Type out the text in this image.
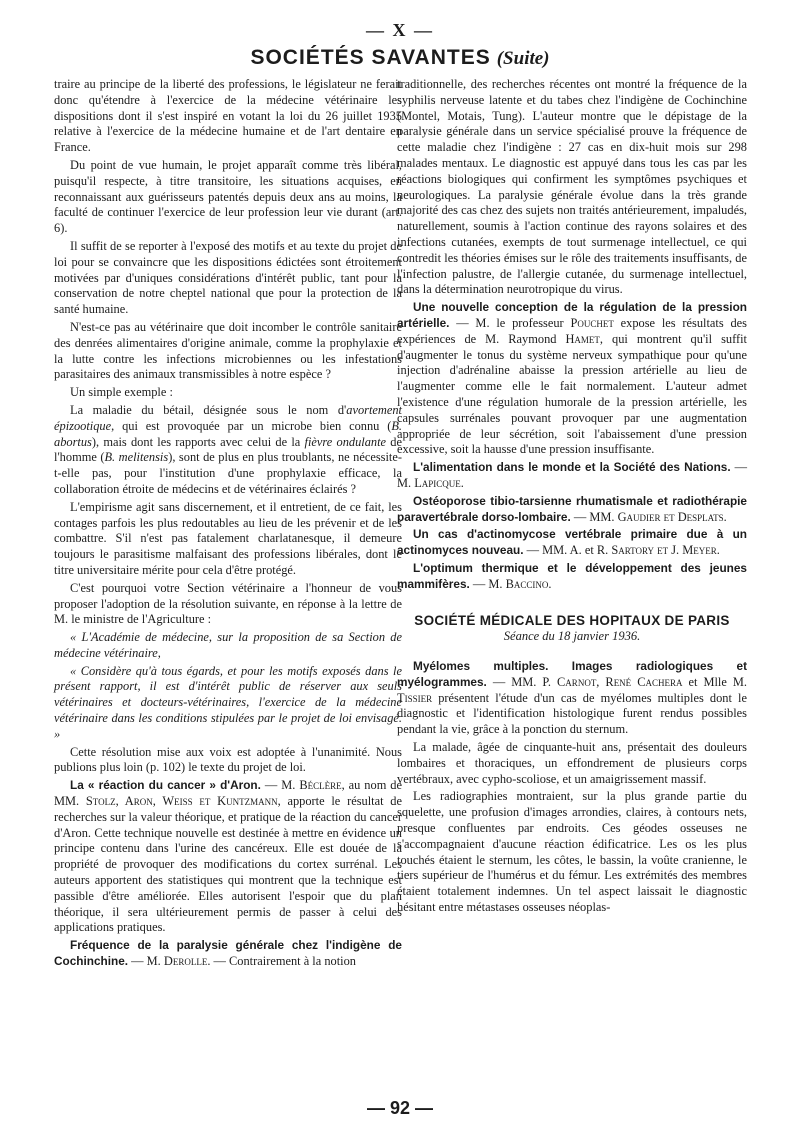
— X —
SOCIÉTÉS SAVANTES (Suite)

traire au principe de la liberté des professions, le législateur ne ferait donc qu'étendre à l'exercice de la médecine vétérinaire les dispositions dont il s'est inspiré en votant la loi du 26 juillet 1935 relative à l'exercice de la médecine humaine et de l'art dentaire en France.

Du point de vue humain, le projet apparaît comme très libéral, puisqu'il respecte, à titre transitoire, les situations acquises, en reconnaissant aux guérisseurs patentés depuis deux ans au moins, la faculté de continuer l'exercice de leur profession leur vie durant (art. 6).

Il suffit de se reporter à l'exposé des motifs et au texte du projet de loi pour se convaincre que les dispositions édictées sont étroitement motivées par d'uniques considérations d'intérêt public, tant pour la conservation de notre cheptel national que pour la protection de la santé humaine.

N'est-ce pas au vétérinaire que doit incomber le contrôle sanitaire des denrées alimentaires d'origine animale, comme la prophylaxie et la lutte contre les infections microbiennes ou les infestations parasitaires des animaux transmissibles à notre espèce ?

Un simple exemple :

La maladie du bétail, désignée sous le nom d'avortement épizootique, qui est provoquée par un microbe bien connu (B. abortus), mais dont les rapports avec celui de la fièvre ondulante de l'homme (B. melitensis), sont de plus en plus troublants, ne nécessite-t-elle pas, pour l'institution d'une prophylaxie efficace, la collaboration étroite de médecins et de vétérinaires éclairés ?

L'empirisme agit sans discernement, et il entretient, de ce fait, les contages parfois les plus redoutables au lieu de les prévenir et de les combattre. S'il n'est pas fatalement charlatanesque, il demeure toujours le parasitisme malfaisant des professions libérales, dont le titre universitaire mérite pour cela d'être protégé.

C'est pourquoi votre Section vétérinaire a l'honneur de vous proposer l'adoption de la résolution suivante, en réponse à la lettre de M. le ministre de l'Agriculture :

« L'Académie de médecine, sur la proposition de sa Section de médecine vétérinaire,

« Considère qu'à tous égards, et pour les motifs exposés dans le présent rapport, il est d'intérêt public de réserver aux seuls vétérinaires et docteurs-vétérinaires, l'exercice de la médecine vétérinaire dans les conditions stipulées par le projet de loi envisagé. »

Cette résolution mise aux voix est adoptée à l'unanimité. Nous publions plus loin (p. 102) le texte du projet de loi.

La « réaction du cancer » d'Aron. — M. Béclère, au nom de MM. Stolz, Aron, Weiss et Kuntzmann, apporte le résultat de recherches sur la valeur théorique, et pratique de la réaction du cancer d'Aron. Cette technique nouvelle est destinée à mettre en évidence un principe contenu dans l'urine des cancéreux. Elle est douée de la propriété de provoquer des modifications du cortex surrénal. Les auteurs apportent des statistiques qui montrent que la technique est passible d'être améliorée. Elles autorisent l'espoir que du plan théorique, il sera ultérieurement permis de passer à celui des applications pratiques.

Fréquence de la paralysie générale chez l'indigène de Cochinchine. — M. Derolle. — Contrairement à la notion

traditionnelle, des recherches récentes ont montré la fréquence de la syphilis nerveuse latente et du tabes chez l'indigène de Cochinchine (Montel, Motais, Tung). L'auteur montre que le dépistage de la paralysie générale dans un service spécialisé prouve la fréquence de cette maladie chez l'indigène : 27 cas en dix-huit mois sur 298 malades mentaux. Le diagnostic est appuyé dans tous les cas par les réactions biologiques qui confirment les symptômes psychiques et neurologiques. La paralysie générale évolue dans la très grande majorité des cas chez des sujets non traités antérieurement, impaludés, naturellement, soumis à l'action continue des rayons solaires et des infections cutanées, exempts de tout surmenage intellectuel, ce qui contredit les théories émises sur le rôle des traitements insuffisants, de l'infection palustre, de l'allergie cutanée, du surmenage intellectuel, dans la détermination neurotropique du virus.

Une nouvelle conception de la régulation de la pression artérielle. — M. le professeur Pouchet expose les résultats des expériences de M. Raymond Hamet, qui montrent qu'il suffit d'augmenter le tonus du système nerveux sympathique pour qu'une injection d'adrénaline abaisse la pression artérielle au lieu de l'augmenter comme elle le fait normalement. L'auteur admet l'existence d'une régulation humorale de la pression artérielle, les capsules surrénales pouvant provoquer par une augmentation appropriée de leur sécrétion, soit l'abaissement d'une pression excessive, soit la hausse d'une pression insuffisante.

L'alimentation dans le monde et la Société des Nations. — M. Lapicque.

Ostéoporose tibio-tarsienne rhumatismale et radiothérapie paravertébrale dorso-lombaire. — MM. Gaudier et Desplats.

Un cas d'actinomycose vertébrale primaire due à un actinomyces nouveau. — MM. A. et R. Sartory et J. Meyer.

L'optimum thermique et le développement des jeunes mammifères. — M. Baccino.

SOCIÉTÉ MÉDICALE DES HOPITAUX DE PARIS
Séance du 18 janvier 1936.

Myélomes multiples. Images radiologiques et myélogrammes. — MM. P. Carnot, René Cachera et Mlle M. Tissier présentent l'étude d'un cas de myélomes multiples dont le diagnostic et l'identification histologique furent rendus possibles pendant la vie, grâce à la ponction du sternum.

La malade, âgée de cinquante-huit ans, présentait des douleurs lombaires et thoraciques, un effondrement de plusieurs corps vertébraux, avec cypho-scoliose, et un amaigrissement massif.

Les radiographies montraient, sur la plus grande partie du squelette, une profusion d'images arrondies, claires, à contours nets, presque confluentes par endroits. Ces géodes osseuses ne s'accompagnaient d'aucune réaction édificatrice. Les os les plus touchés étaient le sternum, les côtes, le bassin, la voûte cranienne, le tiers supérieur de l'humérus et du fémur. Les extrémités des membres étaient totalement indemnes. Un tel aspect laissait le diagnostic hésitant entre métastases osseuses néoplas-

— 92 —
